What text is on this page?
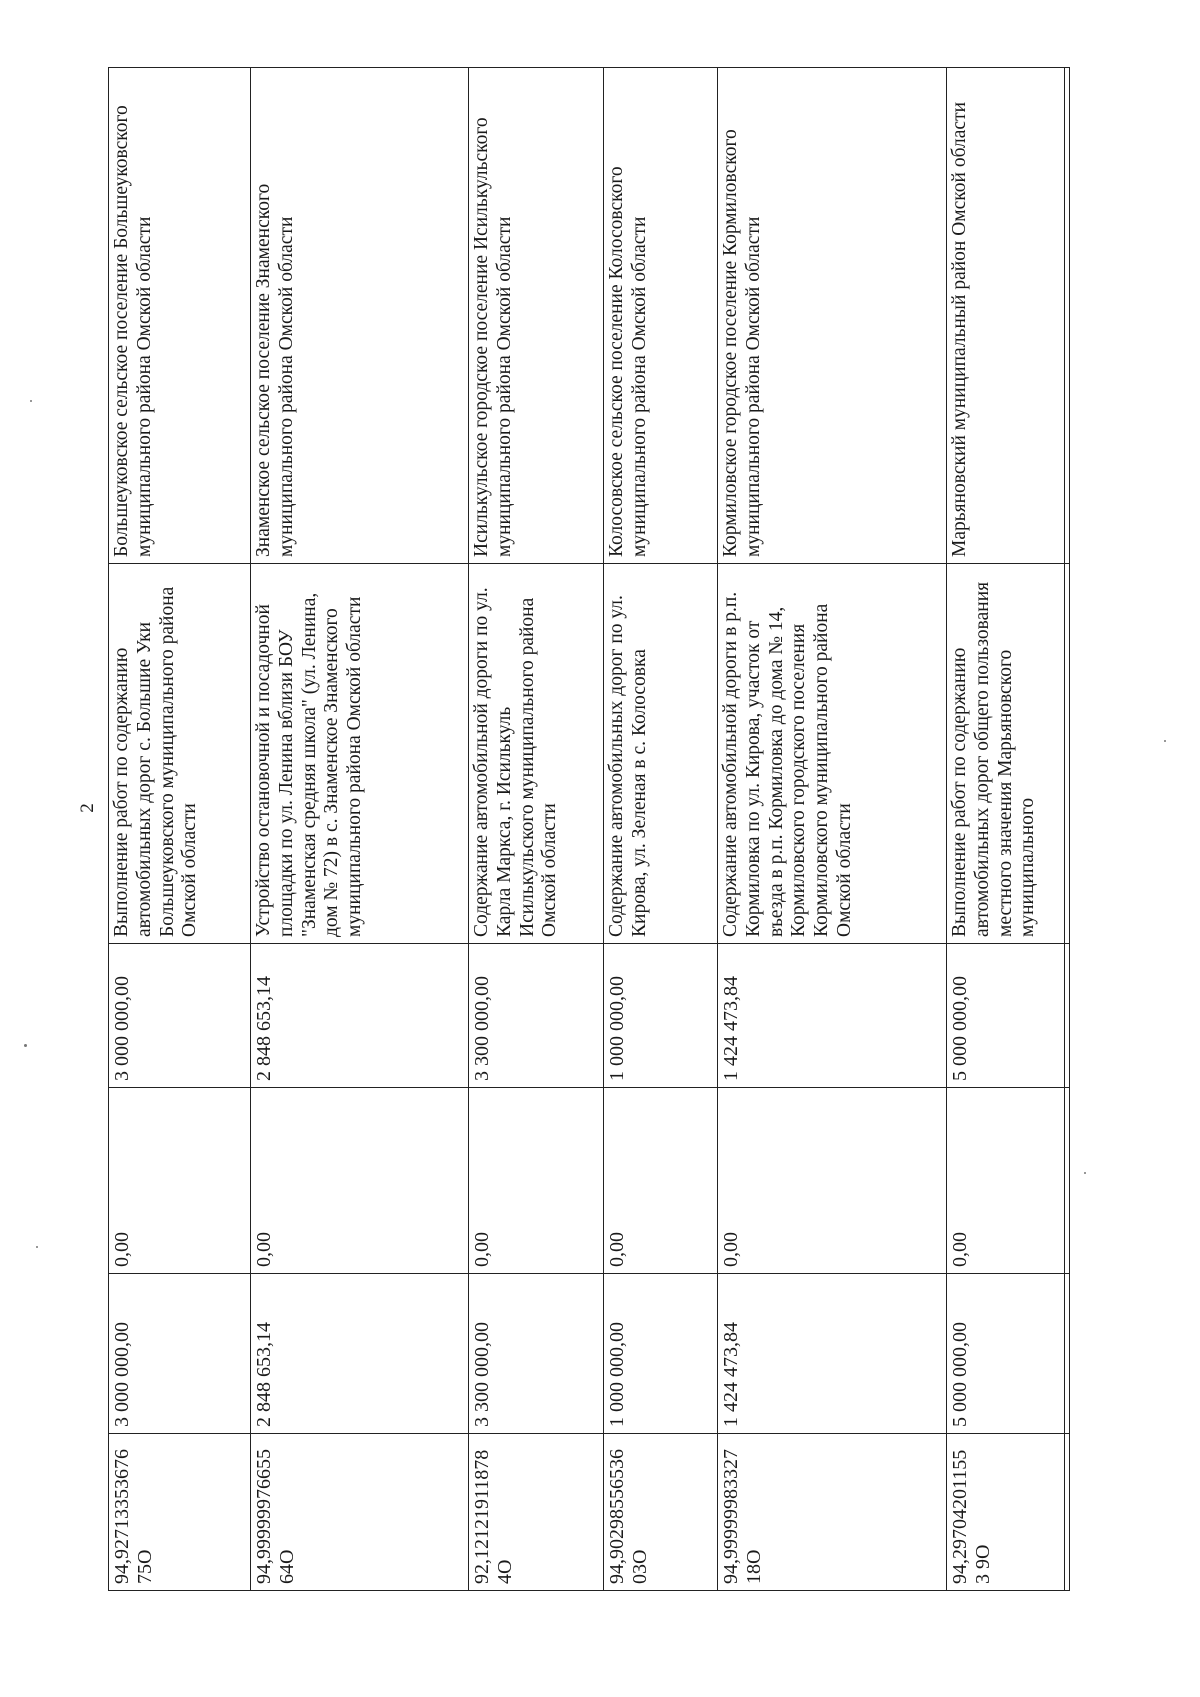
2
94,9271335367675О	3 000 000,00	0,00	3 000 000,00	Выполнение работ по содержанию автомобильных дорог с. Большие Уки Большеуковского муниципального района Омской области	Большеуковское сельское поселение Большеуковского муниципального района Омской области
94,9999997665564О	2 848 653,14	0,00	2 848 653,14	Устройство остановочной и посадочной площадки по ул. Ленина вблизи БОУ "Знаменская средняя школа" (ул. Ленина, дом № 72) в с. Знаменское Знаменского муниципального района Омской области	Знаменское сельское поселение Знаменского муниципального района Омской области
92,121219118784О	3 300 000,00	0,00	3 300 000,00	Содержание автомобильной дороги по ул. Карла Маркса, г. Исилькуль Исилькульского муниципального района Омской области	Исилькульское городское поселение Исилькульского муниципального района Омской области
94,9029855653603О	1 000 000,00	0,00	1 000 000,00	Содержание автомобильных дорог по ул. Кирова, ул. Зеленая в с. Колосовка	Колосовское сельское поселение Колосовского муниципального района Омской области
94,9999998332718О	1 424 473,84	0,00	1 424 473,84	Содержание автомобильной дороги в р.п. Кормиловка по ул. Кирова, участок от въезда в р.п. Кормиловка до дома № 14, Кормиловского городского поселения Кормиловского муниципального района Омской области	Кормиловское городское поселение Кормиловского муниципального района Омской области
94,297042011553 9О	5 000 000,00	0,00	5 000 000,00	Выполнение работ по содержанию автомобильных дорог общего пользования местного значения Марьяновского муниципального	Марьяновский муниципальный район Омской области
